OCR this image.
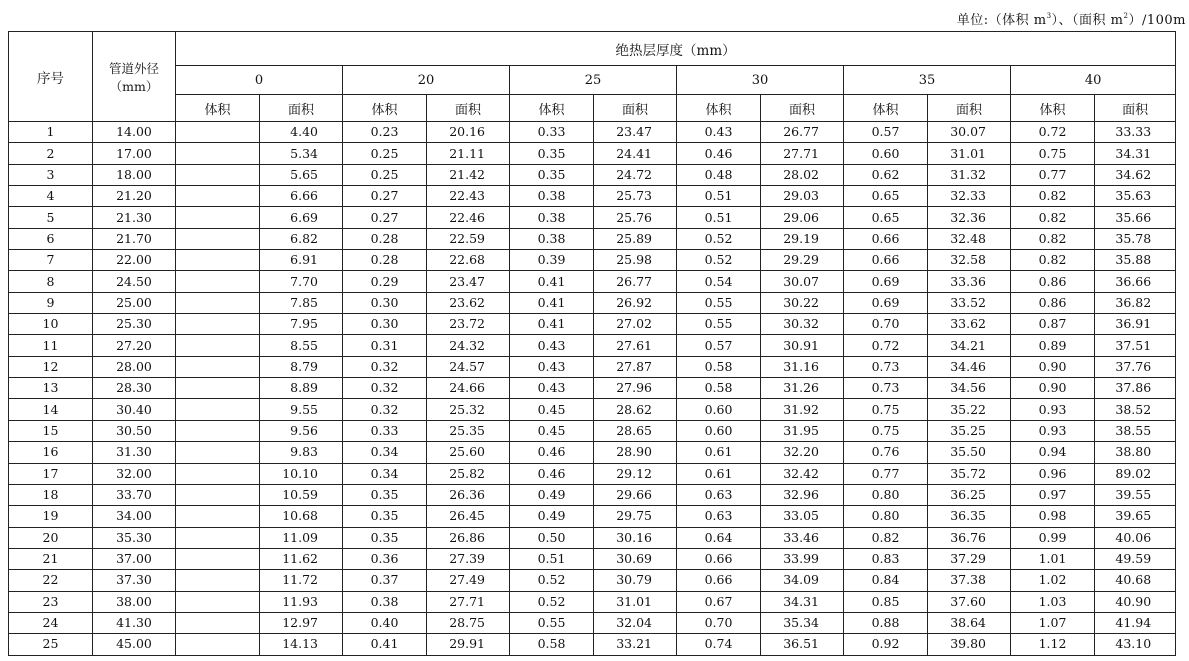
单位:（体积 $m^3$）、（面积 $m^2)/100m$
序号	管道外径
（mm）	绝热层厚度（mm）											
		0		20		25		30		35		40	
		体积	面积	体积	面积	体积	面积	体积	面积	体积	面积	体积	面积
1	14.00		4.40	0.23	20.16	0.33	23.47	0.43	26.77	0.57	30.07	0.72	33.33
2	17.00		5.34	0.25	21.11	0.35	24.41	0.46	27.71	0.60	31.01	0.75	34.31
3	18.00		5.65	0.25	21.42	0.35	24.72	0.48	28.02	0.62	31.32	0.77	34.62
4	21.20		6.66	0.27	22.43	0.38	25.73	0.51	29.03	0.65	32.33	0.82	35.63
5	21.30		6.69	0.27	22.46	0.38	25.76	0.51	29.06	0.65	32.36	0.82	35.66
6	21.70		6.82	0.28	22.59	0.38	25.89	0.52	29.19	0.66	32.48	0.82	35.78
7	22.00		6.91	0.28	22.68	0.39	25.98	0.52	29.29	0.66	32.58	0.82	35.88
8	24.50		7.70	0.29	23.47	0.41	26.77	0.54	30.07	0.69	33.36	0.86	36.66
9	25.00		7.85	0.30	23.62	0.41	26.92	0.55	30.22	0.69	33.52	0.86	36.82
10	25.30		7.95	0.30	23.72	0.41	27.02	0.55	30.32	0.70	33.62	0.87	36.91
11	27.20		8.55	0.31	24.32	0.43	27.61	0.57	30.91	0.72	34.21	0.89	37.51
12	28.00		8.79	0.32	24.57	0.43	27.87	0.58	31.16	0.73	34.46	0.90	37.76
13	28.30		8.89	0.32	24.66	0.43	27.96	0.58	31.26	0.73	34.56	0.90	37.86
14	30.40		9.55	0.32	25.32	0.45	28.62	0.60	31.92	0.75	35.22	0.93	38.52
15	30.50		9.56	0.33	25.35	0.45	28.65	0.60	31.95	0.75	35.25	0.93	38.55
16	31.30		9.83	0.34	25.60	0.46	28.90	0.61	32.20	0.76	35.50	0.94	38.80
17	32.00		10.10	0.34	25.82	0.46	29.12	0.61	32.42	0.77	35.72	0.96	89.02
18	33.70		10.59	0.35	26.36	0.49	29.66	0.63	32.96	0.80	36.25	0.97	39.55
19	34.00		10.68	0.35	26.45	0.49	29.75	0.63	33.05	0.80	36.35	0.98	39.65
20	35.30		11.09	0.35	26.86	0.50	30.16	0.64	33.46	0.82	36.76	0.99	40.06
21	37.00		11.62	0.36	27.39	0.51	30.69	0.66	33.99	0.83	37.29	1.01	49.59
22	37.30		11.72	0.37	27.49	0.52	30.79	0.66	34.09	0.84	37.38	1.02	40.68
23	38.00		11.93	0.38	27.71	0.52	31.01	0.67	34.31	0.85	37.60	1.03	40.90
24	41.30		12.97	0.40	28.75	0.55	32.04	0.70	35.34	0.88	38.64	1.07	41.94
25	45.00		14.13	0.41	29.91	0.58	33.21	0.74	36.51	0.92	39.80	1.12	43.10
